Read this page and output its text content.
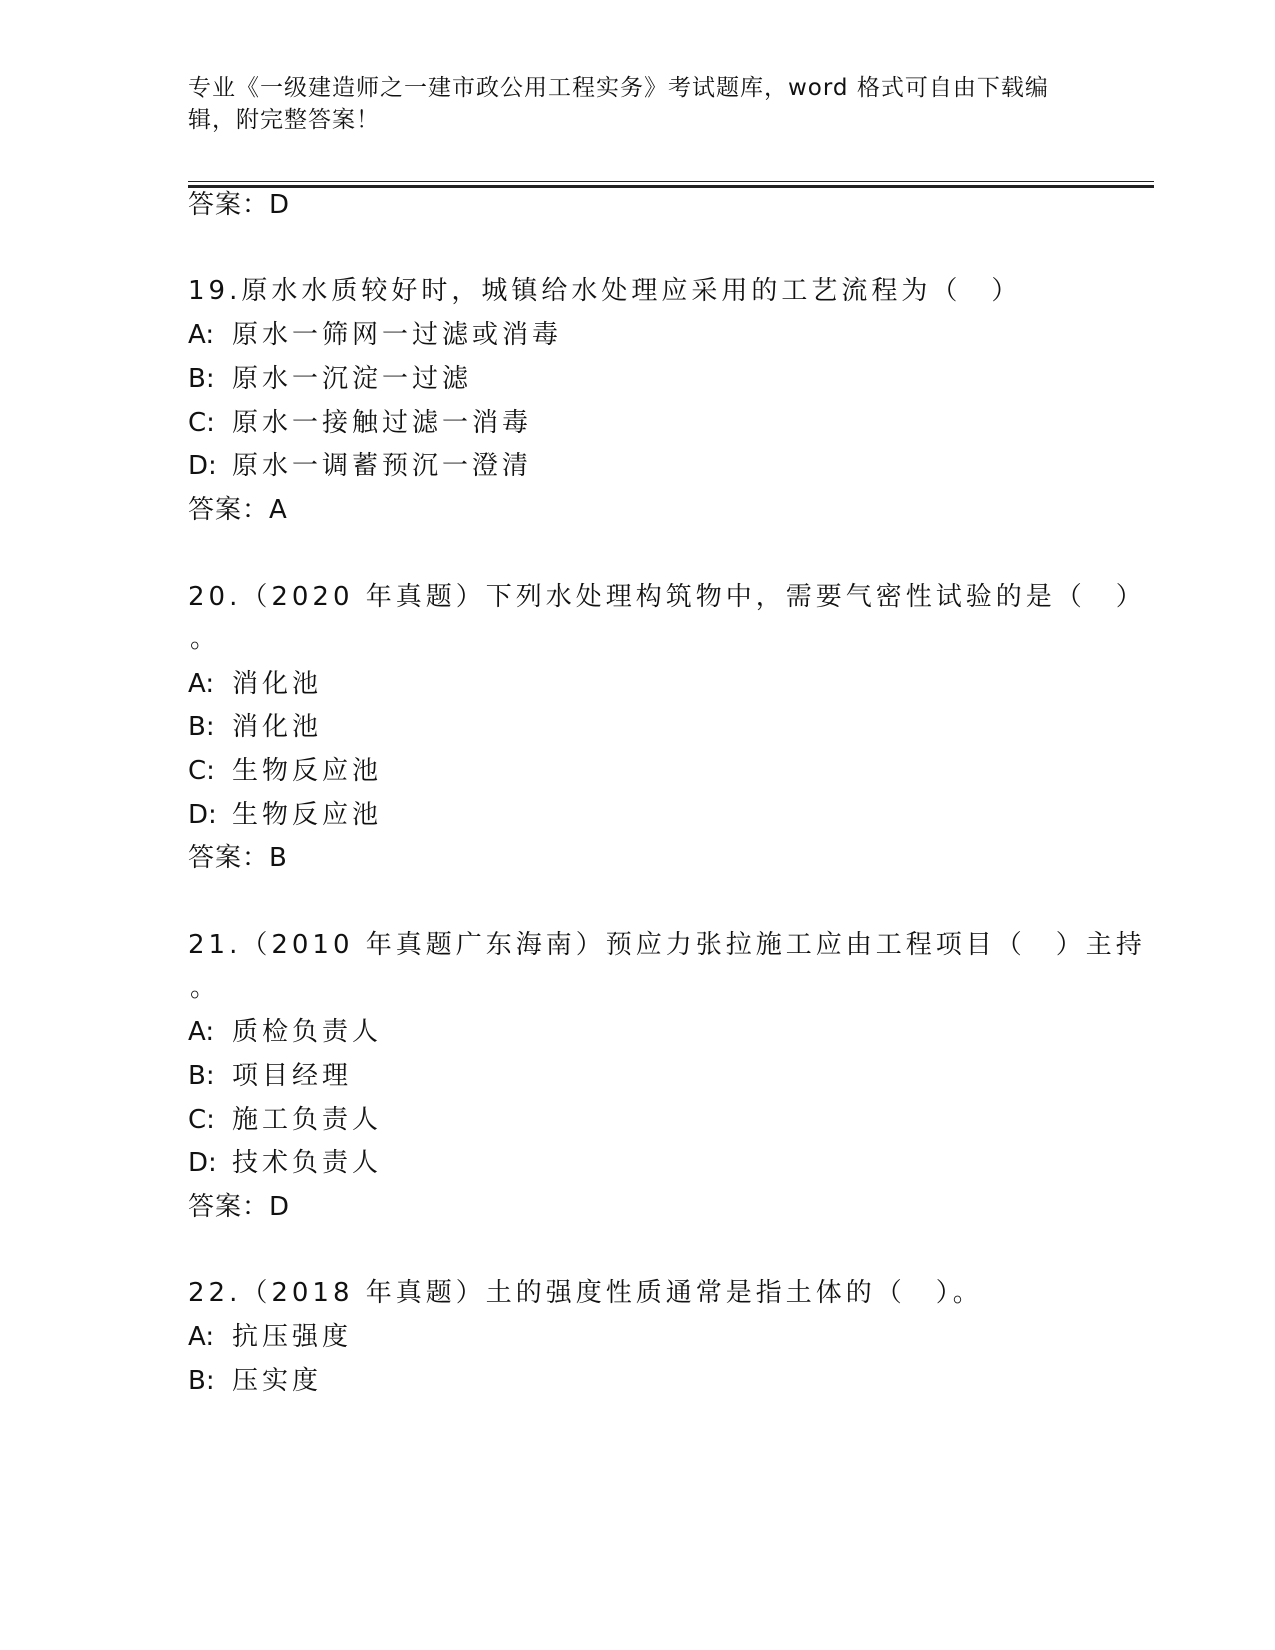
专业《一级建造师之一建市政公用工程实务》考试题库，word 格式可自由下载编
辑，附完整答案！
答案：D
19.原水水质较好时，城镇给水处理应采用的工艺流程为（　）
A: 原水一筛网一过滤或消毒
B: 原水一沉淀一过滤
C: 原水一接触过滤一消毒
D: 原水一调蓄预沉一澄清
答案：A
20.（2020 年真题）下列水处理构筑物中，需要气密性试验的是（　）
。
A: 消化池
B: 消化池
C: 生物反应池
D: 生物反应池
答案：B
21.（2010 年真题广东海南）预应力张拉施工应由工程项目（　）主持
。
A: 质检负责人
B: 项目经理
C: 施工负责人
D: 技术负责人
答案：D
22.（2018 年真题）土的强度性质通常是指土体的（　）。
A: 抗压强度
B: 压实度
